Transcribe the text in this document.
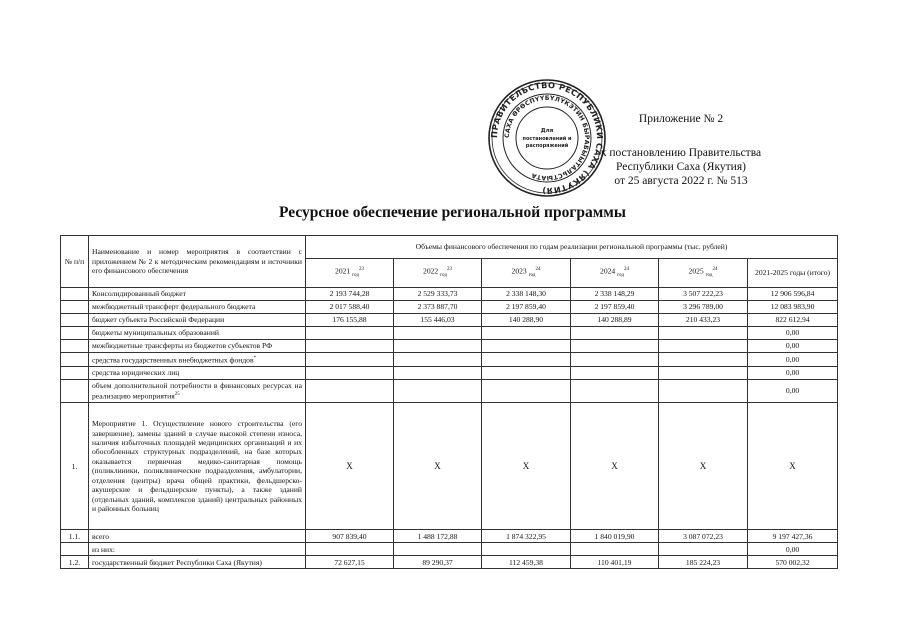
ПРАВИТЕЛЬСТВО РЕСПУБЛИКИ САХА (ЯКУТИЯ)
САХА ӨРӨСПҮҮБҮЛҮКЭТИН БЫРАБЫЫТАЛЬСТЫАТА
Для
постановлений и
распоряжений
Приложение № 2
к постановлению Правительства
Республики Саха (Якутия)
от 25 августа 2022 г. № 513
Ресурсное обеспечение региональной программы
№ п/п	Наименование и номер мероприятия в соответствии с приложением № 2 к методическим рекомендациям и источники его финансового обеспечения	Объемы финансового обеспечения по годам реализации региональной программы (тыс. рублей)					
		2021 $_{год}^{23}$	2022 $_{год}^{23}$	2023 $_{год}^{24}$	2024 $_{год}^{24}$	2025 $_{год}^{24}$	2021-2025 годы (итого)
	Консолидированный бюджет	2 193 744,28	2 529 333,73	2 338 148,30	2 338 148,29	3 507 222,23	12 906 596,84
	межбюджетный трансферт федерального бюджета	2 017 588,40	2 373 887,70	2 197 859,40	2 197 859,40	3 296 789,00	12 083 983,90
	бюджет субъекта Российской Федерации	176 155,88	155 446,03	140 288,90	140 288,89	210 433,23	822 612,94
	бюджеты муниципальных образований						0,00
	межбюджетные трансферты из бюджетов субъектов РФ						0,00
	средства государственных внебюджетных фондов*						0,00
	средства юридических лиц						0,00
	объем дополнительной потребности в финансовых ресурсах на реализацию мероприятия$^{25}$						0,00
1.	Мероприятие 1. Осуществление нового строительства (его завершение), замены зданий в случае высокой степени износа, наличия избыточных площадей медицинских организаций и их обособленных структурных подразделений, на базе которых оказывается первичная медико-санитарная помощь (поликлиники, поликлинические подразделения, амбулатории, отделения (центры) врача общей практики, фельдшерско-акушерские и фельдшерские пункты), а также зданий (отдельных зданий, комплексов зданий) центральных районных и районных больниц	X	X	X	X	X	X
1.1.	всего	907 839,40	1 488 172,88	1 874 322,95	1 840 019,90	3 087 072,23	9 197 427,36
	из них:						0,00
1.2.	государственный бюджет Республики Саха (Якутия)	72 627,15	89 290,37	112 459,38	110 401,19	185 224,23	570 002,32
